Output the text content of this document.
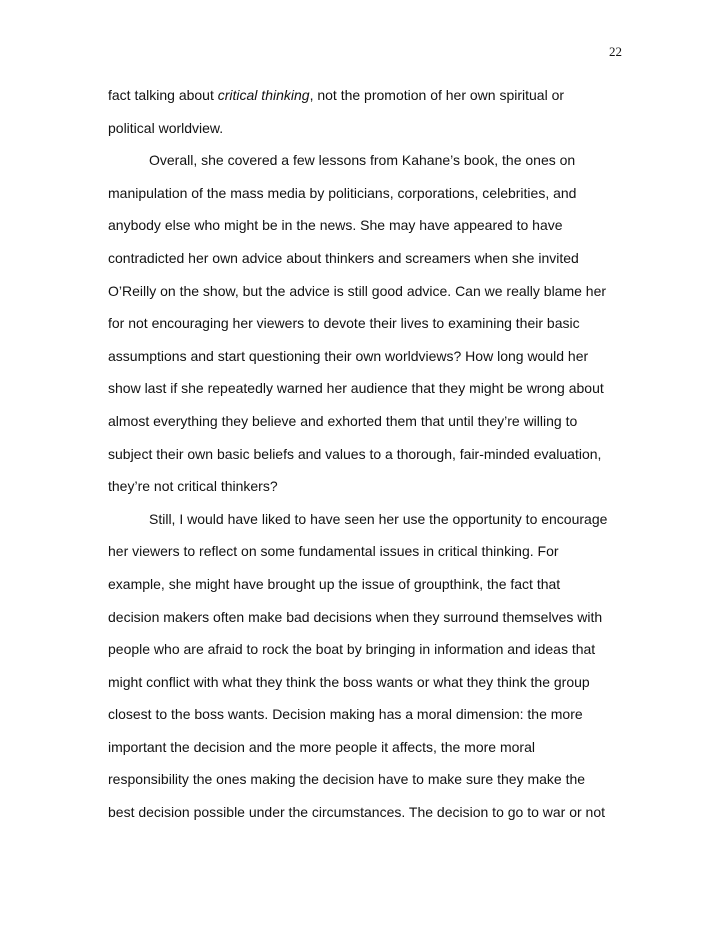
22
fact talking about critical thinking, not the promotion of her own spiritual or
political worldview.
Overall, she covered a few lessons from Kahane’s book, the ones on
manipulation of the mass media by politicians, corporations, celebrities, and
anybody else who might be in the news. She may have appeared to have
contradicted her own advice about thinkers and screamers when she invited
O’Reilly on the show, but the advice is still good advice. Can we really blame her
for not encouraging her viewers to devote their lives to examining their basic
assumptions and start questioning their own worldviews? How long would her
show last if she repeatedly warned her audience that they might be wrong about
almost everything they believe and exhorted them that until they’re willing to
subject their own basic beliefs and values to a thorough, fair-minded evaluation,
they’re not critical thinkers?
Still, I would have liked to have seen her use the opportunity to encourage
her viewers to reflect on some fundamental issues in critical thinking. For
example, she might have brought up the issue of groupthink, the fact that
decision makers often make bad decisions when they surround themselves with
people who are afraid to rock the boat by bringing in information and ideas that
might conflict with what they think the boss wants or what they think the group
closest to the boss wants. Decision making has a moral dimension: the more
important the decision and the more people it affects, the more moral
responsibility the ones making the decision have to make sure they make the
best decision possible under the circumstances. The decision to go to war or not
